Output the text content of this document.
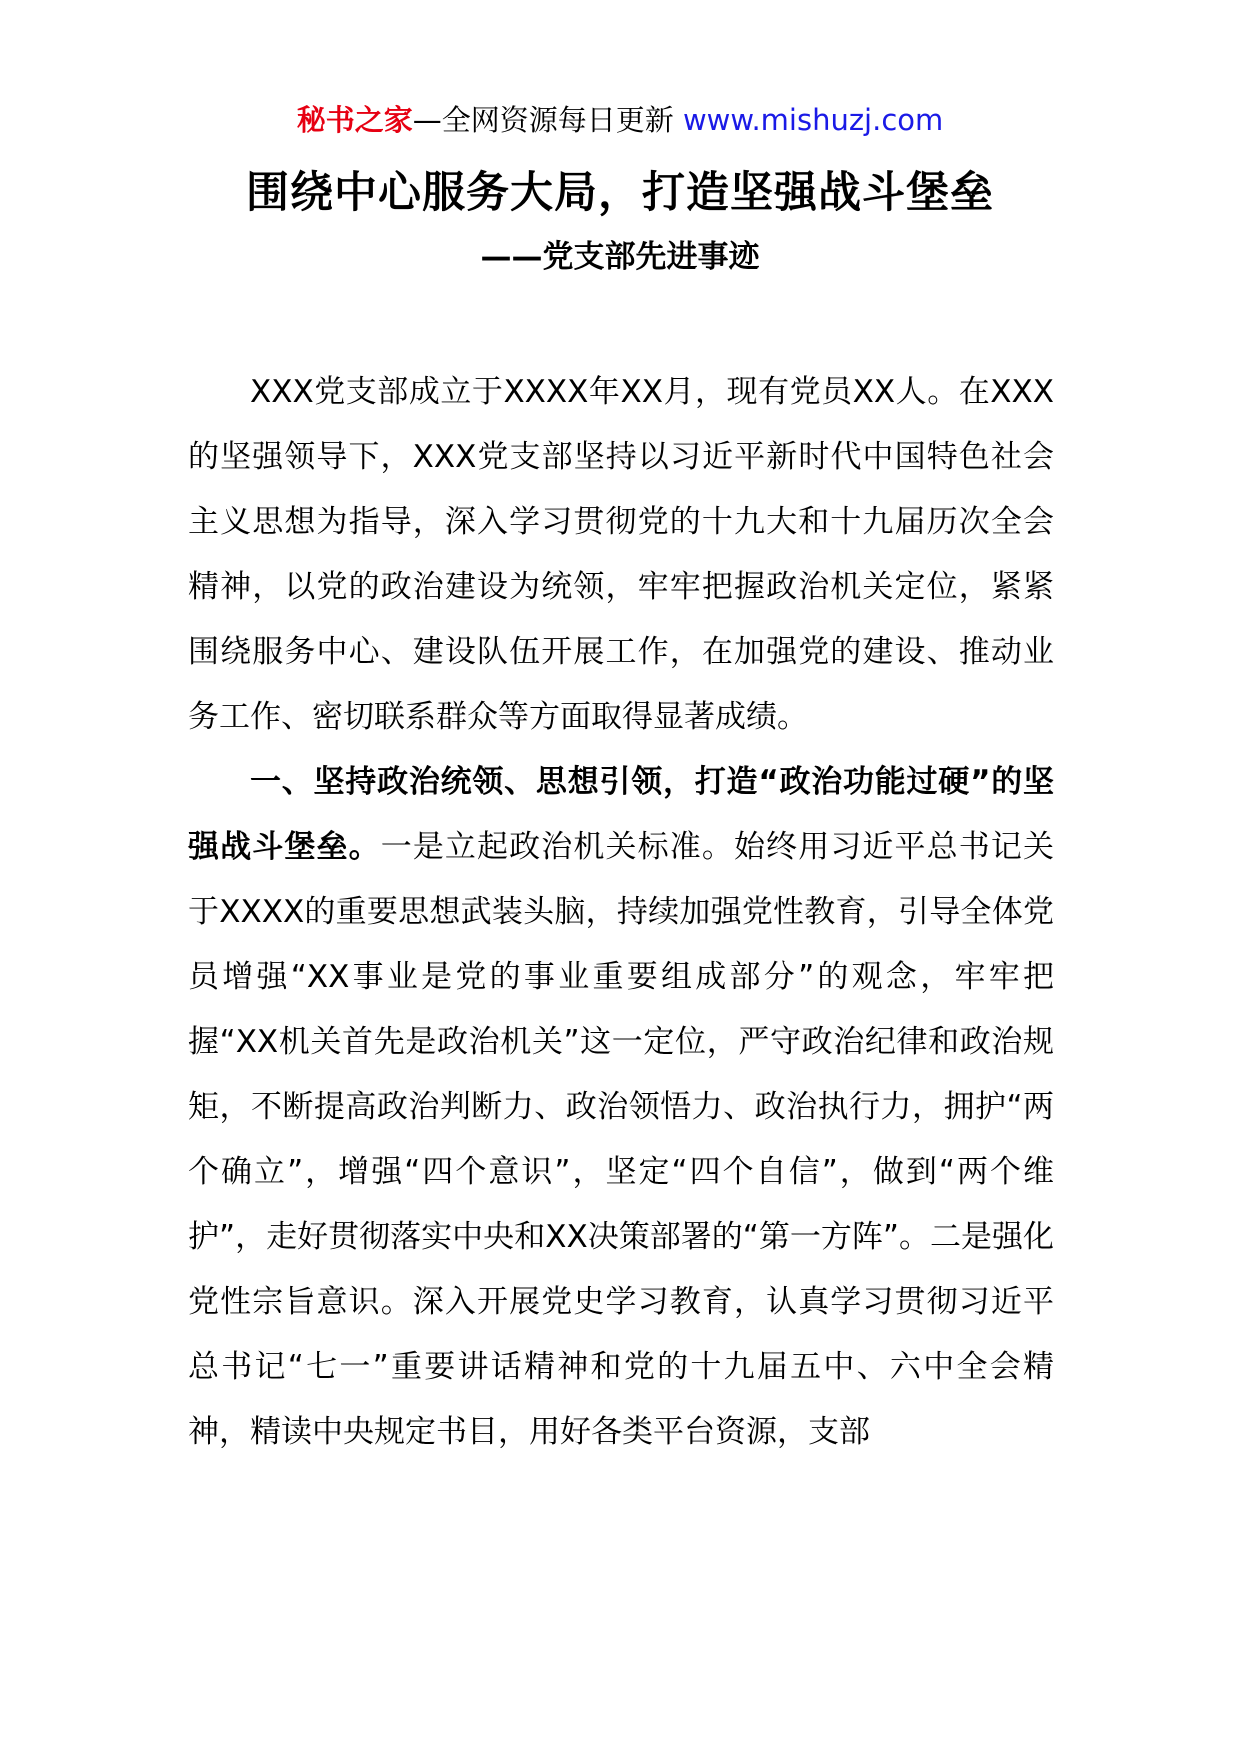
秘书之家—全网资源每日更新 www.mishuzj.com
围绕中心服务大局，打造坚强战斗堡垒
——党支部先进事迹

XXX党支部成立于XXXX年XX月，现有党员XX人。在XXX的坚强领导下，XXX党支部坚持以习近平新时代中国特色社会主义思想为指导，深入学习贯彻党的十九大和十九届历次全会精神，以党的政治建设为统领，牢牢把握政治机关定位，紧紧围绕服务中心、建设队伍开展工作，在加强党的建设、推动业务工作、密切联系群众等方面取得显著成绩。

一、坚持政治统领、思想引领，打造“政治功能过硬”的坚强战斗堡垒。一是立起政治机关标准。始终用习近平总书记关于XXXX的重要思想武装头脑，持续加强党性教育，引导全体党员增强“XX事业是党的事业重要组成部分”的观念，牢牢把握“XX机关首先是政治机关”这一定位，严守政治纪律和政治规矩，不断提高政治判断力、政治领悟力、政治执行力，拥护“两个确立”，增强“四个意识”，坚定“四个自信”，做到“两个维护”，走好贯彻落实中央和XX决策部署的“第一方阵”。二是强化党性宗旨意识。深入开展党史学习教育，认真学习贯彻习近平总书记“七一”重要讲话精神和党的十九届五中、六中全会精神，精读中央规定书目，用好各类平台资源，支部
